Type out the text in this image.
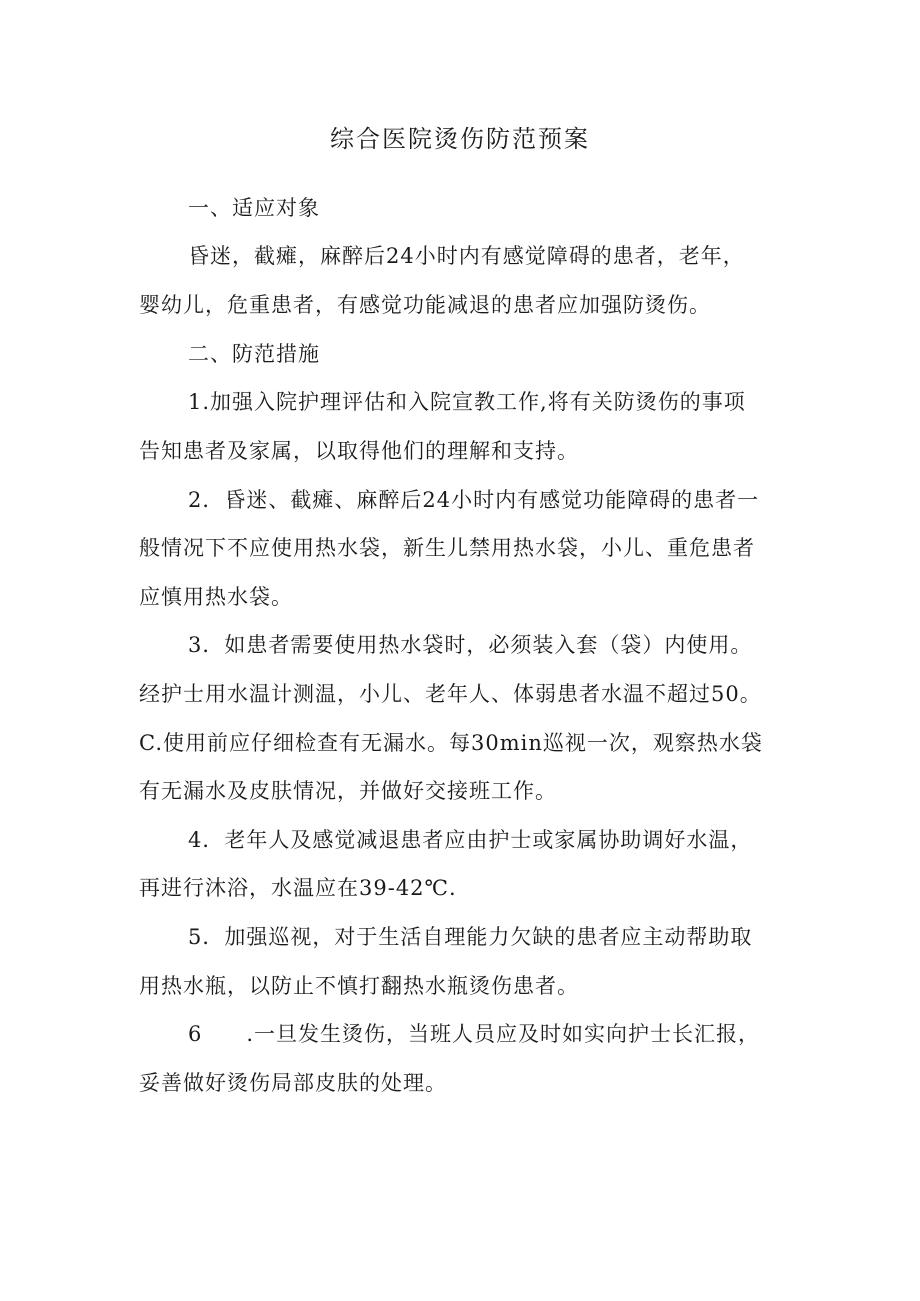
综合医院烫伤防范预案
一、适应对象
昏迷，截瘫，麻醉后24小时内有感觉障碍的患者，老年，
婴幼儿，危重患者，有感觉功能减退的患者应加强防烫伤。
二、防范措施
1.加强入院护理评估和入院宣教工作,将有关防烫伤的事项
告知患者及家属，以取得他们的理解和支持。
2．昏迷、截瘫、麻醉后24小时内有感觉功能障碍的患者一
般情况下不应使用热水袋，新生儿禁用热水袋，小儿、重危患者
应慎用热水袋。
3．如患者需要使用热水袋时，必须装入套（袋）内使用。
经护士用水温计测温，小儿、老年人、体弱患者水温不超过50。
C.使用前应仔细检查有无漏水。每30min巡视一次，观察热水袋
有无漏水及皮肤情况，并做好交接班工作。
4．老年人及感觉减退患者应由护士或家属协助调好水温，
再进行沐浴，水温应在39-42℃.
5．加强巡视，对于生活自理能力欠缺的患者应主动帮助取
用热水瓶，以防止不慎打翻热水瓶烫伤患者。
6 .一旦发生烫伤，当班人员应及时如实向护士长汇报，
妥善做好烫伤局部皮肤的处理。
